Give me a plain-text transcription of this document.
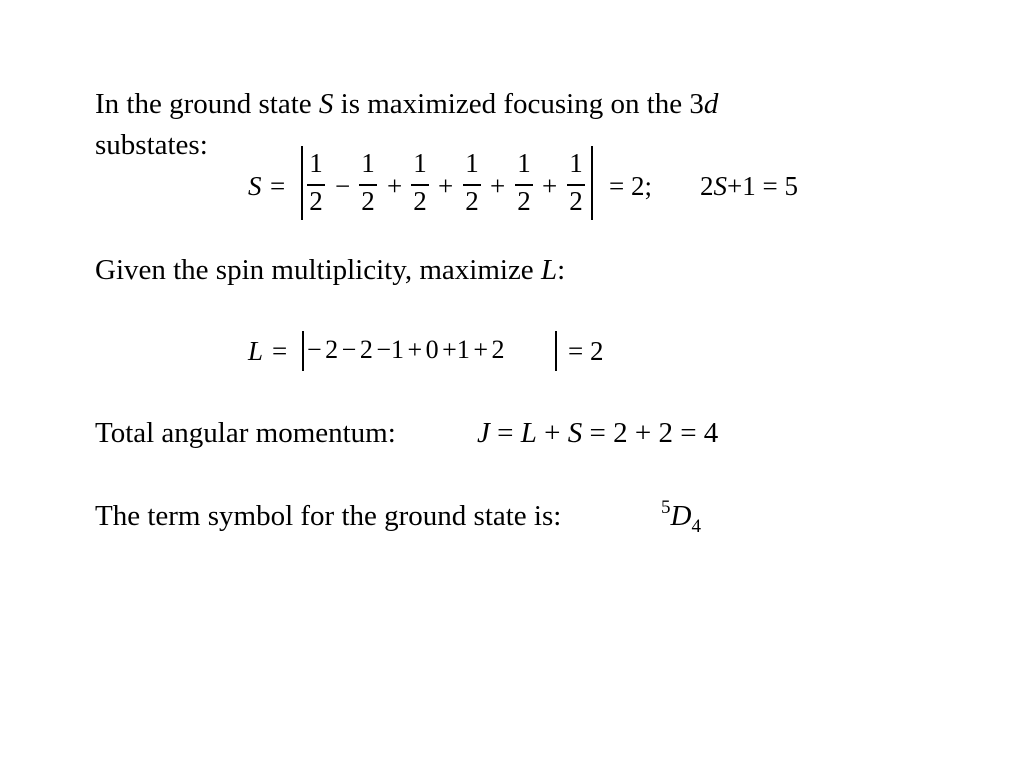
In the ground state S is maximized focusing on the 3d
substates:
S =
1
2 −
1
2 +
1
2 +
1
2 +
1
2 +
1
2 = 2; 2S+1 = 5
Given the spin multiplicity, maximize L:
L = − 2 − 2 −1 + 0 +1 + 2 = 2
Total angular momentum:	J = L + S = 2 + 2 = 4
The term symbol for the ground state is:	$^5D_4$
